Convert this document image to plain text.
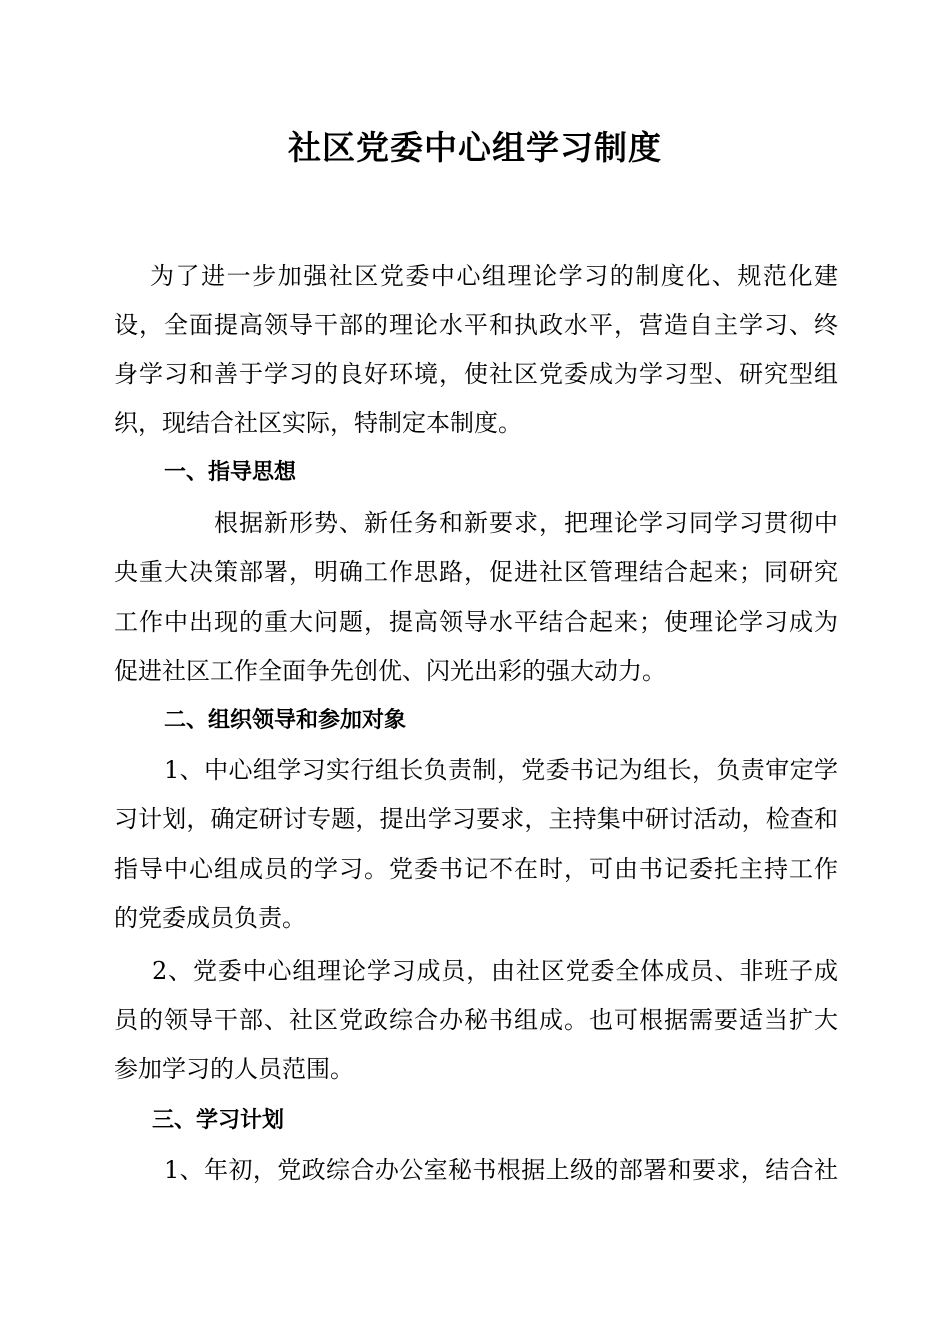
社区党委中心组学习制度

为了进一步加强社区党委中心组理论学习的制度化、规范化建

设，全面提高领导干部的理论水平和执政水平，营造自主学习、终

身学习和善于学习的良好环境，使社区党委成为学习型、研究型组

织，现结合社区实际，特制定本制度。

一、指导思想

根据新形势、新任务和新要求，把理论学习同学习贯彻中

央重大决策部署，明确工作思路，促进社区管理结合起来；同研究

工作中出现的重大问题，提高领导水平结合起来；使理论学习成为

促进社区工作全面争先创优、闪光出彩的强大动力。

二、组织领导和参加对象

1、中心组学习实行组长负责制，党委书记为组长，负责审定学

习计划，确定研讨专题，提出学习要求，主持集中研讨活动，检查和

指导中心组成员的学习。党委书记不在时，可由书记委托主持工作

的党委成员负责。

2、党委中心组理论学习成员，由社区党委全体成员、非班子成

员的领导干部、社区党政综合办秘书组成。也可根据需要适当扩大

参加学习的人员范围。

三、学习计划

1、年初，党政综合办公室秘书根据上级的部署和要求，结合社
